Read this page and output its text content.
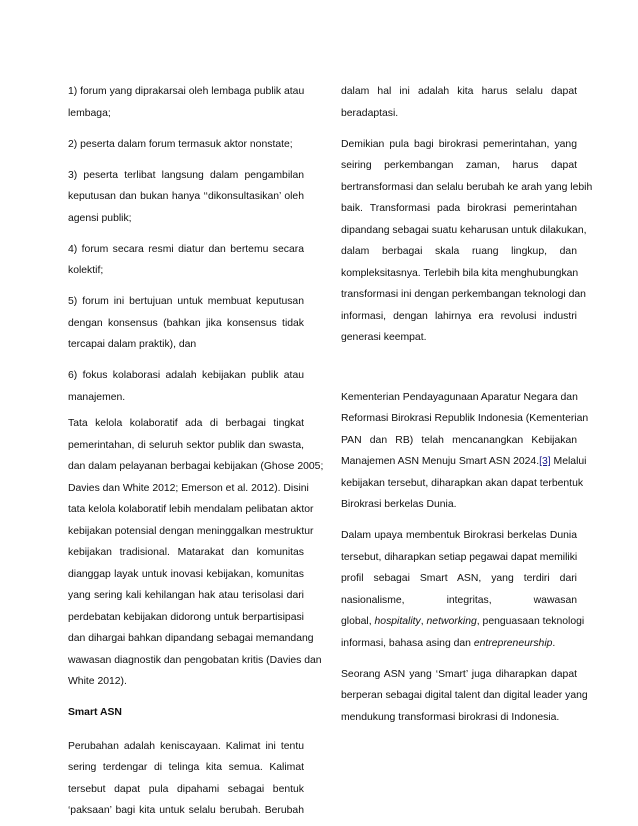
1) forum yang diprakarsai oleh lembaga publik atau
lembaga;

2) peserta dalam forum termasuk aktor nonstate;

3) peserta terlibat langsung dalam pengambilan
keputusan dan bukan hanya ‘‘dikonsultasikan’ oleh
agensi publik;

4) forum secara resmi diatur dan bertemu secara
kolektif;

5) forum ini bertujuan untuk membuat keputusan
dengan konsensus (bahkan jika konsensus tidak
tercapai dalam praktik), dan

6) fokus kolaborasi adalah kebijakan publik atau
manajemen.

Tata kelola kolaboratif ada di berbagai tingkat
pemerintahan, di seluruh sektor publik dan swasta,
dan dalam pelayanan berbagai kebijakan (Ghose 2005;
Davies dan White 2012; Emerson et al. 2012). Disini
tata kelola kolaboratif lebih mendalam pelibatan aktor
kebijakan potensial dengan meninggalkan mestruktur
kebijakan tradisional. Matarakat dan komunitas
dianggap layak untuk inovasi kebijakan, komunitas
yang sering kali kehilangan hak atau terisolasi dari
perdebatan kebijakan didorong untuk berpartisipasi
dan dihargai bahkan dipandang sebagai memandang
wawasan diagnostik dan pengobatan kritis (Davies dan
White 2012).

Smart ASN

Perubahan adalah keniscayaan. Kalimat ini tentu
sering terdengar di telinga kita semua. Kalimat
tersebut dapat pula dipahami sebagai bentuk
‘paksaan’ bagi kita untuk selalu berubah. Berubah

dalam hal ini adalah kita harus selalu dapat
beradaptasi.

Demikian pula bagi birokrasi pemerintahan, yang
seiring perkembangan zaman, harus dapat
bertransformasi dan selalu berubah ke arah yang lebih
baik. Transformasi pada birokrasi pemerintahan
dipandang sebagai suatu keharusan untuk dilakukan,
dalam berbagai skala ruang lingkup, dan
kompleksitasnya. Terlebih bila kita menghubungkan
transformasi ini dengan perkembangan teknologi dan
informasi, dengan lahirnya era revolusi industri
generasi keempat.

Kementerian Pendayagunaan Aparatur Negara dan
Reformasi Birokrasi Republik Indonesia (Kementerian
PAN dan RB) telah mencanangkan Kebijakan
Manajemen ASN Menuju Smart ASN 2024.[3] Melalui
kebijakan tersebut, diharapkan akan dapat terbentuk
Birokrasi berkelas Dunia.

Dalam upaya membentuk Birokrasi berkelas Dunia
tersebut, diharapkan setiap pegawai dapat memiliki
profil sebagai Smart ASN, yang terdiri dari
nasionalisme, integritas, wawasan
global, hospitality, networking, penguasaan teknologi
informasi, bahasa asing dan entrepreneurship.

Seorang ASN yang ‘Smart’ juga diharapkan dapat
berperan sebagai digital talent dan digital leader yang
mendukung transformasi birokrasi di Indonesia.
